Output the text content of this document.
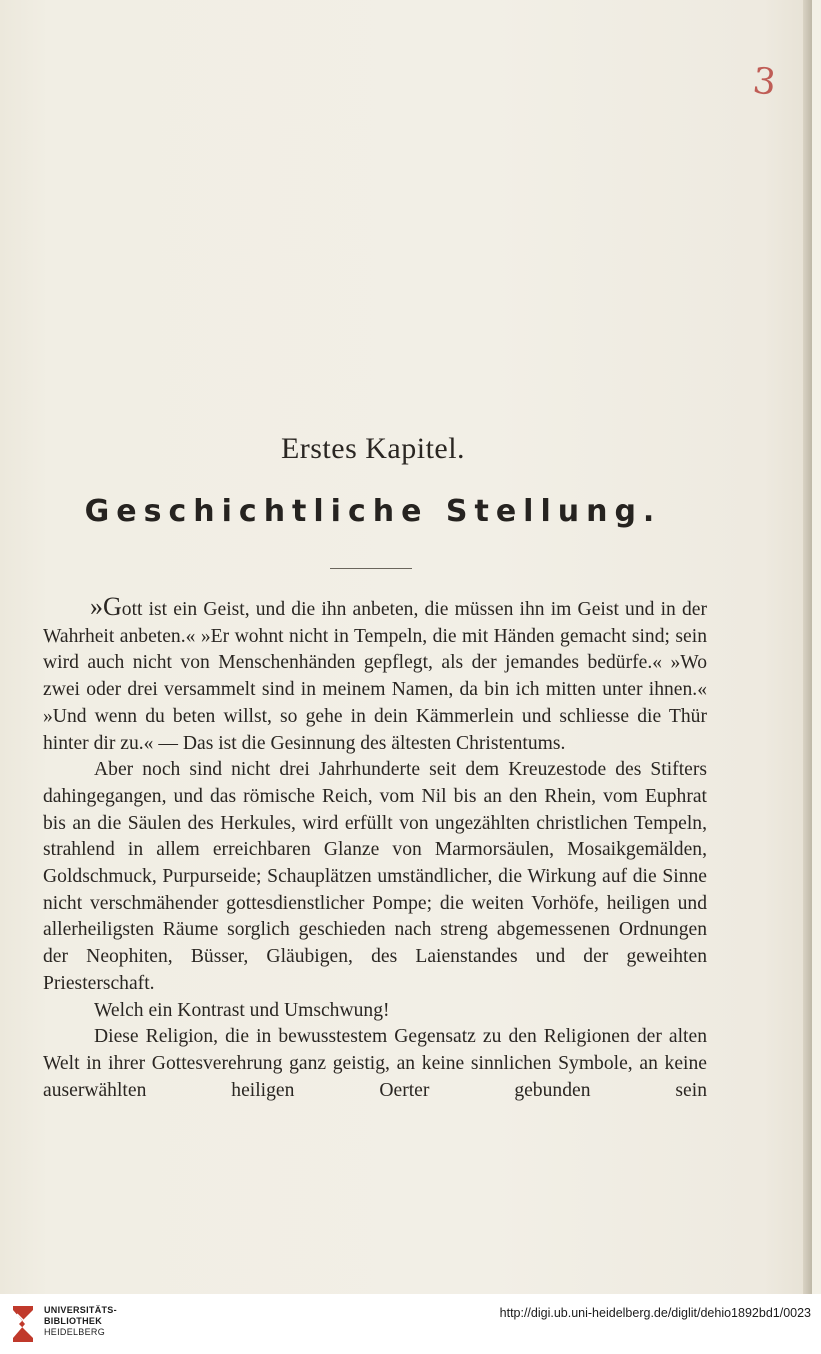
3

Erstes Kapitel.
Geschichtliche Stellung.

»Gott ist ein Geist, und die ihn anbeten, die müssen ihn im Geist und in der Wahrheit anbeten.« »Er wohnt nicht in Tempeln, die mit Händen gemacht sind; sein wird auch nicht von Menschenhänden gepflegt, als der jemandes bedürfe.« »Wo zwei oder drei versammelt sind in meinem Namen, da bin ich mitten unter ihnen.« »Und wenn du beten willst, so gehe in dein Kämmerlein und schliesse die Thür hinter dir zu.« — Das ist die Gesinnung des ältesten Christentums.

Aber noch sind nicht drei Jahrhunderte seit dem Kreuzestode des Stifters dahingegangen, und das römische Reich, vom Nil bis an den Rhein, vom Euphrat bis an die Säulen des Herkules, wird erfüllt von ungezählten christlichen Tempeln, strahlend in allem erreichbaren Glanze von Marmorsäulen, Mosaikgemälden, Goldschmuck, Purpurseide; Schauplätzen umständlicher, die Wirkung auf die Sinne nicht verschmähender gottesdienstlicher Pompe; die weiten Vorhöfe, heiligen und allerheiligsten Räume sorglich geschieden nach streng abgemessenen Ordnungen der Neophiten, Büsser, Gläubigen, des Laienstandes und der geweihten Priesterschaft.

Welch ein Kontrast und Umschwung!

Diese Religion, die in bewusstestem Gegensatz zu den Religionen der alten Welt in ihrer Gottesverehrung ganz geistig, an keine sinnlichen Symbole, an keine auserwählten heiligen Oerter gebunden sein

UNIVERSITÄTS-

BIBLIOTHEK

HEIDELBERG

http://digi.ub.uni-heidelberg.de/diglit/dehio1892bd1/0023
